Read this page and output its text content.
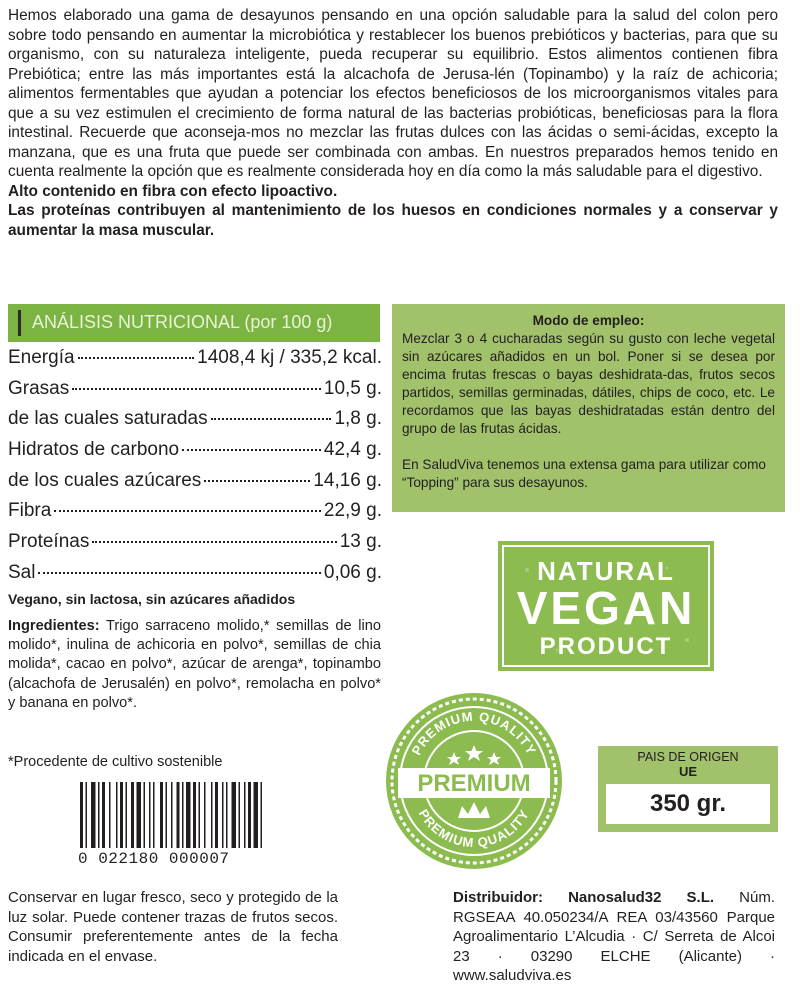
Hemos elaborado una gama de desayunos pensando en una opción saludable para la salud del colon pero sobre todo pensando en aumentar la microbiótica y restablecer los buenos prebióticos y bacterias, para que su organismo, con su naturaleza inteligente, pueda recuperar su equilibrio. Estos alimentos contienen fibra Prebiótica; entre las más importantes está la alcachofa de Jerusa-lén (Topinambo) y la raíz de achicoria; alimentos fermentables que ayudan a potenciar los efectos beneficiosos de los microorganismos vitales para que a su vez estimulen el crecimiento de forma natural de las bacterias probióticas, beneficiosas para la flora intestinal. Recuerde que aconseja-mos no mezclar las frutas dulces con las ácidas o semi-ácidas, excepto la manzana, que es una fruta que puede ser combinada con ambas. En nuestros preparados hemos tenido en cuenta realmente la opción que es realmente considerada hoy en día como la más saludable para el digestivo.

Alto contenido en fibra con efecto lipoactivo.

Las proteínas contribuyen al mantenimiento de los huesos en condiciones normales y a conservar y aumentar la masa muscular.

ANÁLISIS NUTRICIONAL (por 100 g)
Energía	1408,4 kj / 335,2 kcal.
Grasas	10,5 g.
de las cuales saturadas	1,8 g.
Hidratos de carbono	42,4 g.
de los cuales azúcares	14,16 g.
Fibra	22,9 g.
Proteínas	13 g.
Sal	0,06 g.
Vegano, sin lactosa, sin azúcares añadidos
Ingredientes: Trigo sarraceno molido,* semillas de lino molido*, inulina de achicoria en polvo*, semillas de chia molida*, cacao en polvo*, azúcar de arenga*, topinambo (alcachofa de Jerusalén) en polvo*, remolacha en polvo* y banana en polvo*.
*Procedente de cultivo sostenible
0 022180 000007
Modo de empleo:
Mezclar 3 o 4 cucharadas según su gusto con leche vegetal sin azúcares añadidos en un bol. Poner si se desea por encima frutas frescas o bayas deshidrata-das, frutos secos partidos, semillas germinadas, dátiles, chips de coco, etc. Le recordamos que las bayas deshidratadas están dentro del grupo de las frutas ácidas.
En SaludViva tenemos una extensa gama para utilizar como “Topping” para sus desayunos.
NATURAL
VEGAN
PRODUCT
PREMIUM QUALITY
PREMIUM QUALITY
PREMIUM
PAIS DE ORIGEN
UE
350 gr.
Conservar en lugar fresco, seco y protegido de la luz solar. Puede contener trazas de frutos secos. Consumir preferentemente antes de la fecha indicada en el envase.
Distribuidor: Nanosalud32 S.L. Núm. RGSEAA 40.050234/A REA 03/43560 Parque Agroalimentario L’Alcudia · C/ Serreta de Alcoi 23 · 03290 ELCHE (Alicante) · www.saludviva.es
